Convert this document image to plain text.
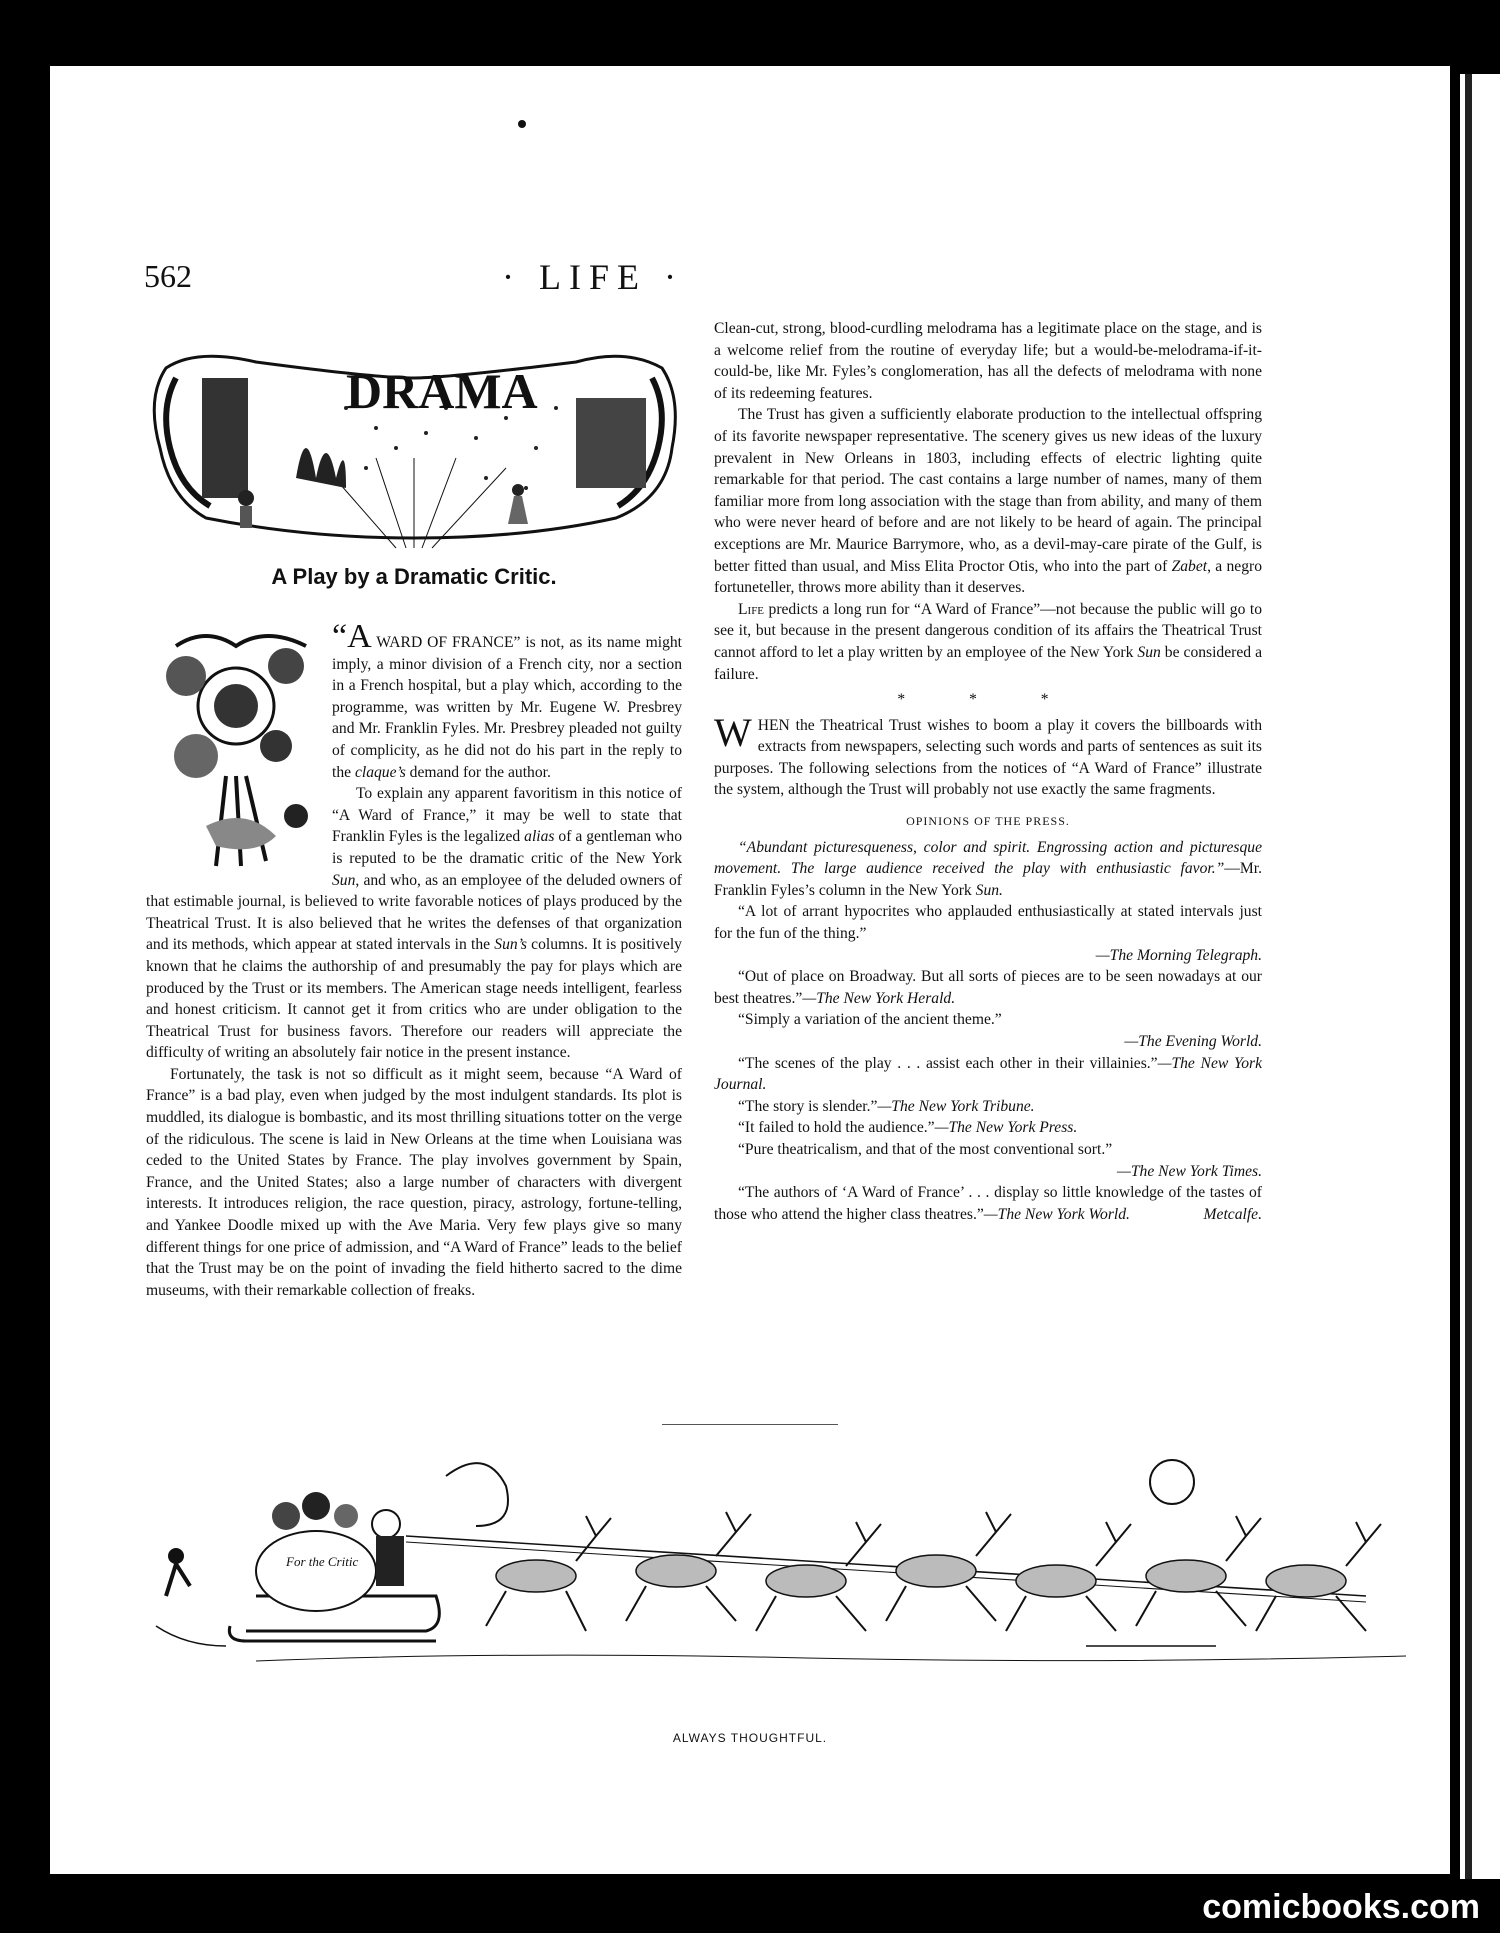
562	· LIFE ·
DRAMA
A Play by a Dramatic Critic.

“A WARD OF FRANCE” is not, as its name might imply, a minor division of a French city, nor a section in a French hospital, but a play which, according to the programme, was written by Mr. Eugene W. Presbrey and Mr. Franklin Fyles. Mr. Presbrey pleaded not guilty of complicity, as he did not do his part in the reply to the claque’s demand for the author.

To explain any apparent favoritism in this notice of “A Ward of France,” it may be well to state that Franklin Fyles is the legalized alias of a gentleman who is reputed to be the dramatic critic of the New York Sun, and who, as an employee of the deluded owners of that estimable journal, is believed to write favorable notices of plays produced by the Theatrical Trust. It is also believed that he writes the defenses of that organization and its methods, which appear at stated intervals in the Sun’s columns. It is positively known that he claims the authorship of and presumably the pay for plays which are produced by the Trust or its members. The American stage needs intelligent, fearless and honest criticism. It cannot get it from critics who are under obligation to the Theatrical Trust for business favors. Therefore our readers will appreciate the difficulty of writing an absolutely fair notice in the present instance.

Fortunately, the task is not so difficult as it might seem, because “A Ward of France” is a bad play, even when judged by the most indulgent standards. Its plot is muddled, its dialogue is bombastic, and its most thrilling situations totter on the verge of the ridiculous. The scene is laid in New Orleans at the time when Louisiana was ceded to the United States by France. The play involves government by Spain, France, and the United States; also a large number of characters with divergent interests. It introduces religion, the race question, piracy, astrology, fortune-telling, and Yankee Doodle mixed up with the Ave Maria. Very few plays give so many different things for one price of admission, and “A Ward of France” leads to the belief that the Trust may be on the point of invading the field hitherto sacred to the dime museums, with their remarkable collection of freaks.

Clean-cut, strong, blood-curdling melodrama has a legitimate place on the stage, and is a welcome relief from the routine of everyday life; but a would-be-melodrama-if-it-could-be, like Mr. Fyles’s conglomeration, has all the defects of melodrama with none of its redeeming features.

The Trust has given a sufficiently elaborate production to the intellectual offspring of its favorite newspaper representative. The scenery gives us new ideas of the luxury prevalent in New Orleans in 1803, including effects of electric lighting quite remarkable for that period. The cast contains a large number of names, many of them familiar more from long association with the stage than from ability, and many of them who were never heard of before and are not likely to be heard of again. The principal exceptions are Mr. Maurice Barrymore, who, as a devil-may-care pirate of the Gulf, is better fitted than usual, and Miss Elita Proctor Otis, who into the part of Zabet, a negro fortuneteller, throws more ability than it deserves.

Life predicts a long run for “A Ward of France”—not because the public will go to see it, but because in the present dangerous condition of its affairs the Theatrical Trust cannot afford to let a play written by an employee of the New York Sun be considered a failure.

* * *

WHEN the Theatrical Trust wishes to boom a play it covers the billboards with extracts from newspapers, selecting such words and parts of sentences as suit its purposes. The following selections from the notices of “A Ward of France” illustrate the system, although the Trust will probably not use exactly the same fragments.

OPINIONS OF THE PRESS.

“Abundant picturesqueness, color and spirit. Engrossing action and picturesque movement. The large audience received the play with enthusiastic favor.”—Mr. Franklin Fyles’s column in the New York Sun.

“A lot of arrant hypocrites who applauded enthusiastically at stated intervals just for the fun of the thing.”

—The Morning Telegraph.

“Out of place on Broadway. But all sorts of pieces are to be seen nowadays at our best theatres.”—The New York Herald.

“Simply a variation of the ancient theme.”

—The Evening World.

“The scenes of the play . . . assist each other in their villainies.”—The New York Journal.

“The story is slender.”—The New York Tribune.

“It failed to hold the audience.”—The New York Press.

“Pure theatricalism, and that of the most conventional sort.”

—The New York Times.

“The authors of ‘A Ward of France’ . . . display so little knowledge of the tastes of those who attend the higher class theatres.”—The New York World.	Metcalfe.

For the Critic
ALWAYS THOUGHTFUL.
comicbooks.com
